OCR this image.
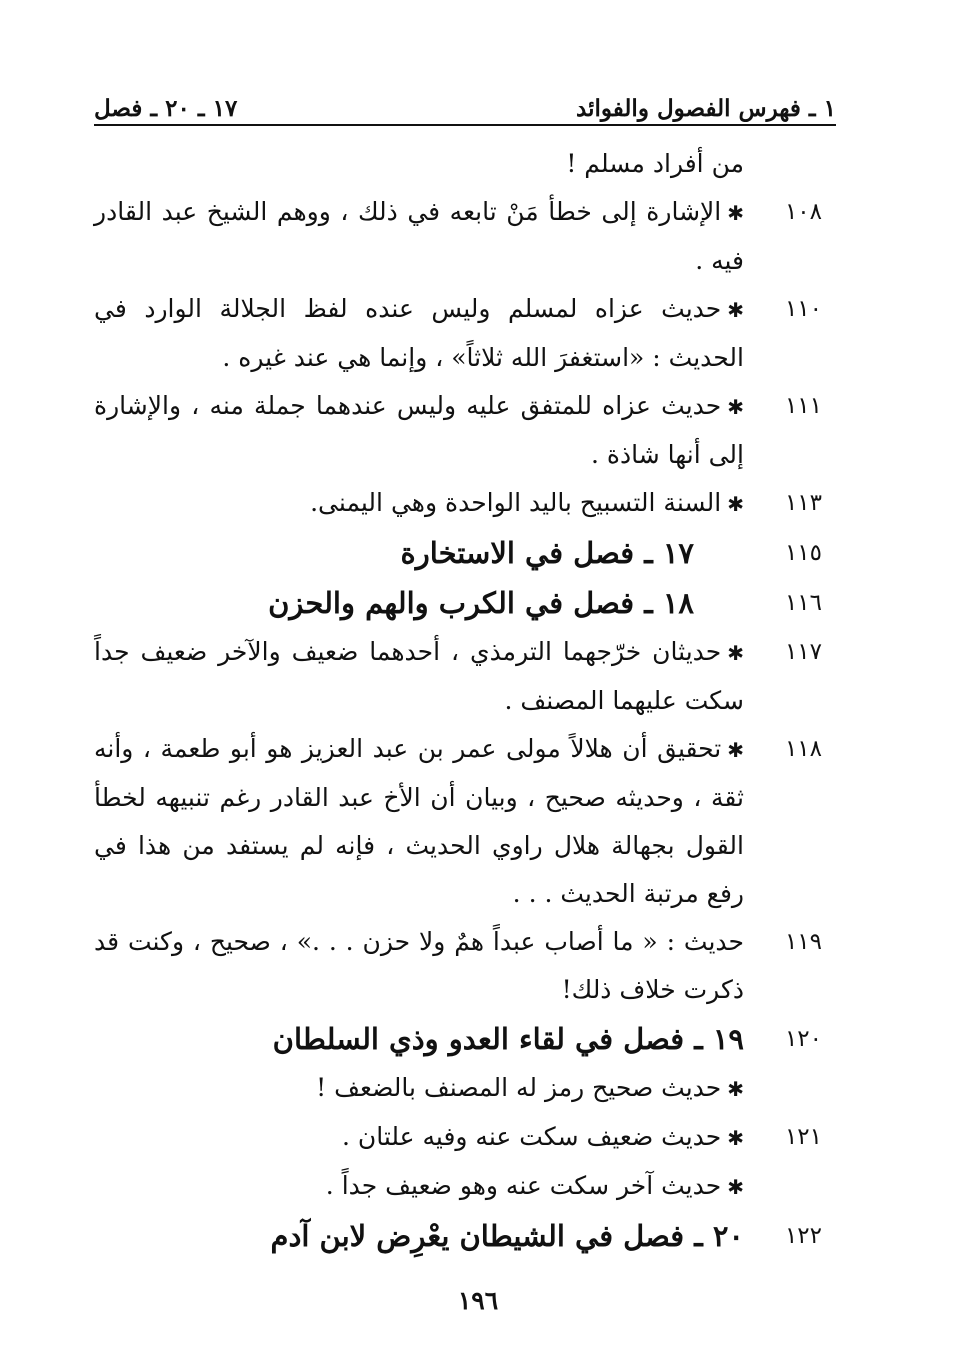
١ ـ فهرس الفصول والفوائد
١٧ ـ ٢٠ ـ فصل
من أفراد مسلم !
١٠٨
✱الإشارة إلى خطأ مَنْ تابعه في ذلك ، ووهم الشيخ عبد القادر فيه .
١١٠
✱حديث عزاه لمسلم وليس عنده لفظ الجلالة الوارد في الحديث : «استغفرَ الله ثلاثاً» ، وإنما هي عند غيره .
١١١
✱حديث عزاه للمتفق عليه وليس عندهما جملة منه ، والإشارة إلى أنها شاذة .
١١٣
✱السنة التسبيح باليد الواحدة وهي اليمنى.
١١٥
١٧ ـ فصل في الاستخارة
١١٦
١٨ ـ فصل في الكرب والهم والحزن
١١٧
✱حديثان خرّجهما الترمذي ، أحدهما ضعيف والآخر ضعيف جداً سكت عليهما المصنف .
١١٨
✱تحقيق أن هلالاً مولى عمر بن عبد العزيز هو أبو طعمة ، وأنه ثقة ، وحديثه صحيح ، وبيان أن الأخ عبد القادر رغم تنبيهه لخطأ القول بجهالة هلال راوي الحديث ، فإنه لم يستفد من هذا في رفع مرتبة الحديث . . .
١١٩
حديث : « ما أصاب عبداً همٌ ولا حزن . . .» ، صحيح ، وكنت قد ذكرت خلاف ذلك!
١٢٠
١٩ ـ فصل في لقاء العدو وذي السلطان
✱حديث صحيح رمز له المصنف بالضعف !
١٢١
✱حديث ضعيف سكت عنه وفيه علتان .
✱حديث آخر سكت عنه وهو ضعيف جداً .
١٢٢
٢٠ ـ فصل في الشيطان يعْرِض لابن آدم
١٩٦
